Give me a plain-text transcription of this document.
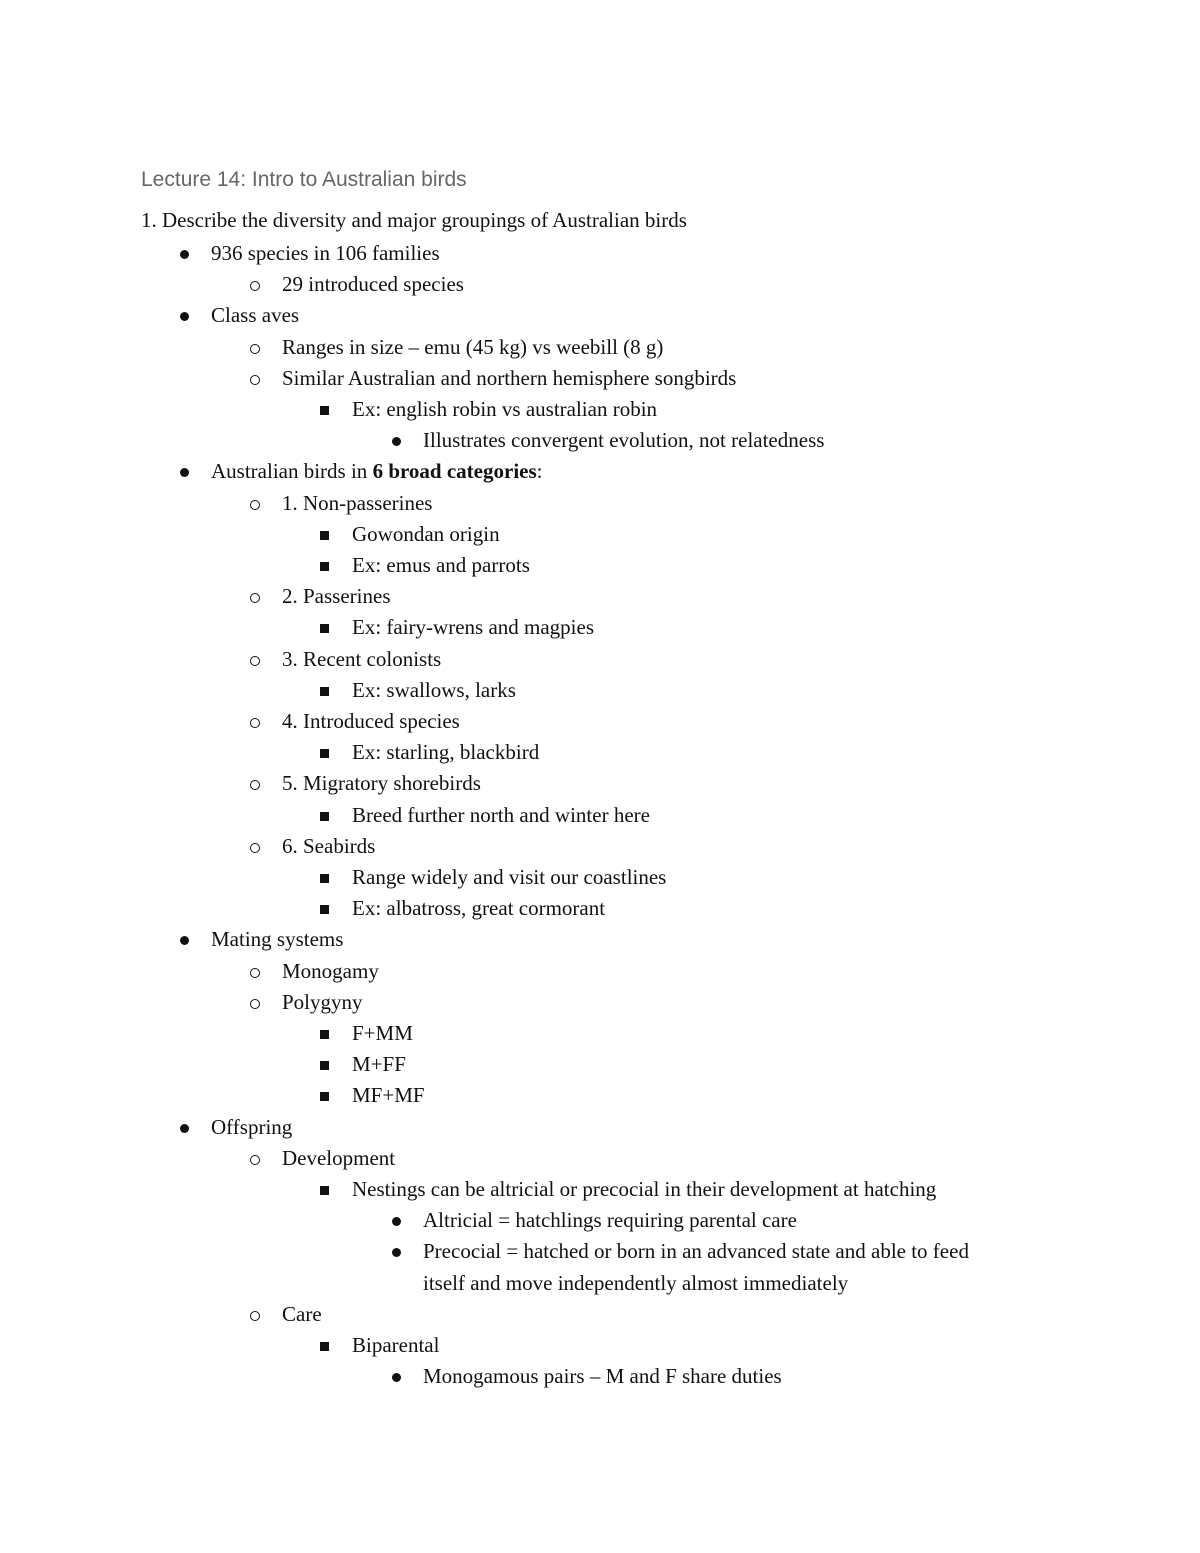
Lecture 14: Intro to Australian birds
1. Describe the diversity and major groupings of Australian birds
936 species in 106 families
29 introduced species
Class aves
Ranges in size – emu (45 kg) vs weebill (8 g)
Similar Australian and northern hemisphere songbirds
Ex: english robin vs australian robin
Illustrates convergent evolution, not relatedness
Australian birds in 6 broad categories:
1. Non-passerines
Gowondan origin
Ex: emus and parrots
2. Passerines
Ex: fairy-wrens and magpies
3. Recent colonists
Ex: swallows, larks
4. Introduced species
Ex: starling, blackbird
5. Migratory shorebirds
Breed further north and winter here
6. Seabirds
Range widely and visit our coastlines
Ex: albatross, great cormorant
Mating systems
Monogamy
Polygyny
F+MM
M+FF
MF+MF
Offspring
Development
Nestings can be altricial or precocial in their development at hatching
Altricial = hatchlings requiring parental care
Precocial = hatched or born in an advanced state and able to feed
itself and move independently almost immediately
Care
Biparental
Monogamous pairs – M and F share duties
